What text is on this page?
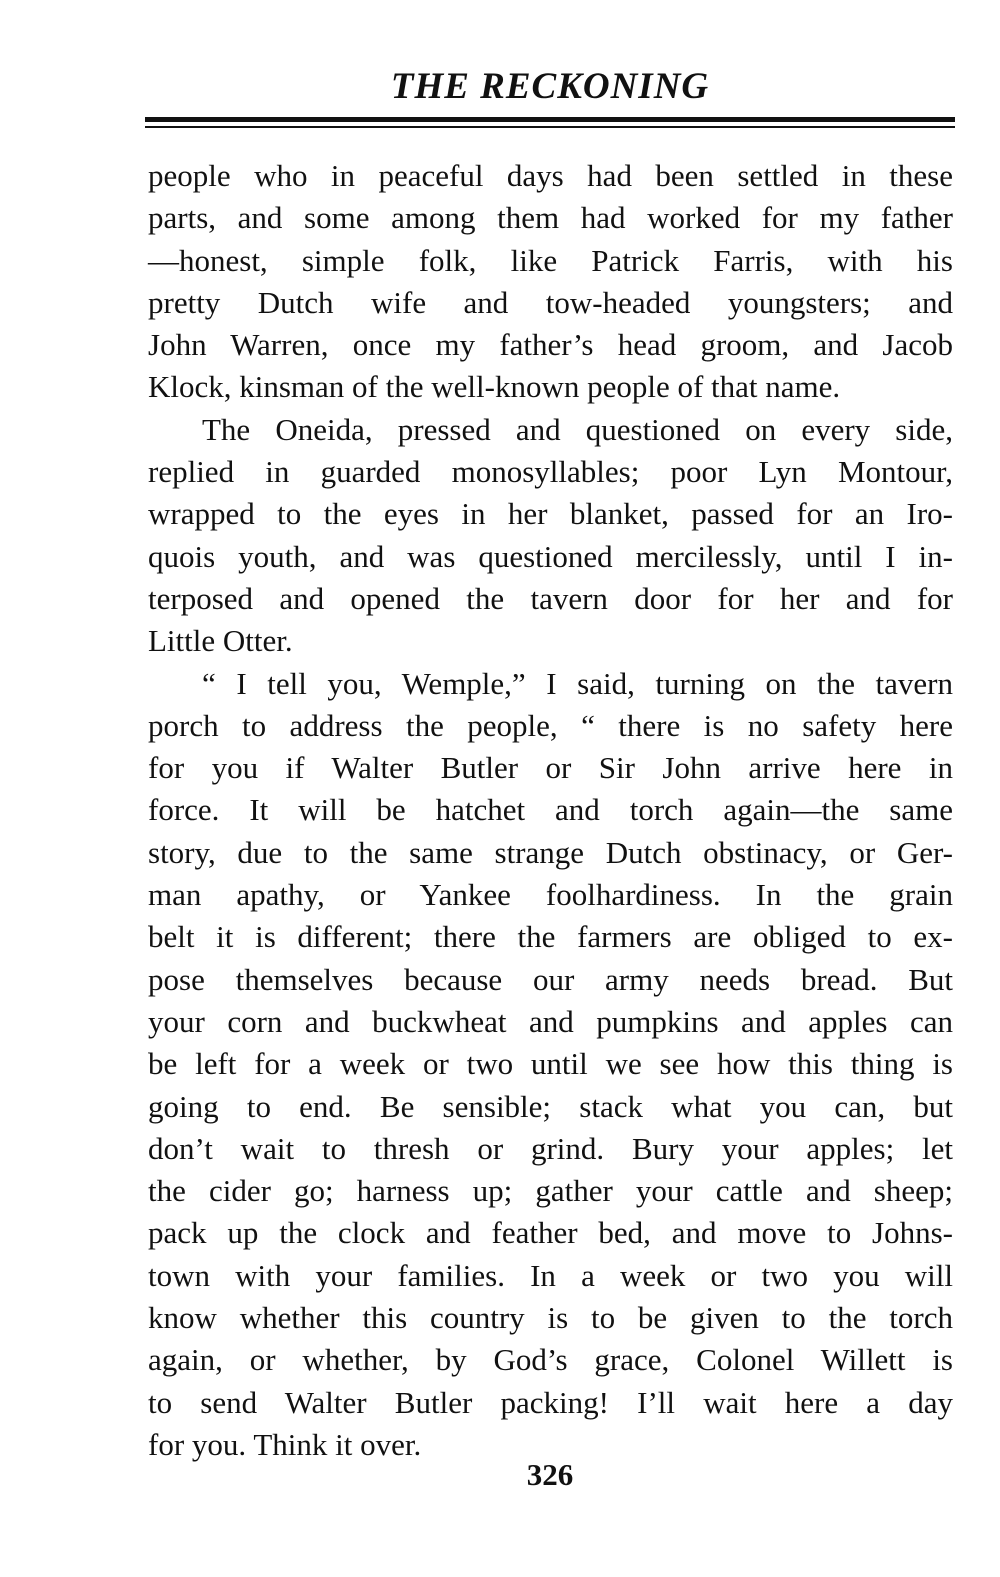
THE RECKONING
people who in peaceful days had been settled in these
parts, and some among them had worked for my father
—honest, simple folk, like Patrick Farris, with his
pretty Dutch wife and tow-headed youngsters; and
John Warren, once my father’s head groom, and Jacob
Klock, kinsman of the well-known people of that name.
The Oneida, pressed and questioned on every side,
replied in guarded monosyllables; poor Lyn Montour,
wrapped to the eyes in her blanket, passed for an Iro-
quois youth, and was questioned mercilessly, until I in-
terposed and opened the tavern door for her and for
Little Otter.
“ I tell you, Wemple,” I said, turning on the tavern
porch to address the people, “ there is no safety here
for you if Walter Butler or Sir John arrive here in
force. It will be hatchet and torch again—the same
story, due to the same strange Dutch obstinacy, or Ger-
man apathy, or Yankee foolhardiness. In the grain
belt it is different; there the farmers are obliged to ex-
pose themselves because our army needs bread. But
your corn and buckwheat and pumpkins and apples can
be left for a week or two until we see how this thing is
going to end. Be sensible; stack what you can, but
don’t wait to thresh or grind. Bury your apples; let
the cider go; harness up; gather your cattle and sheep;
pack up the clock and feather bed, and move to Johns-
town with your families. In a week or two you will
know whether this country is to be given to the torch
again, or whether, by God’s grace, Colonel Willett is
to send Walter Butler packing! I’ll wait here a day
for you. Think it over.
326
